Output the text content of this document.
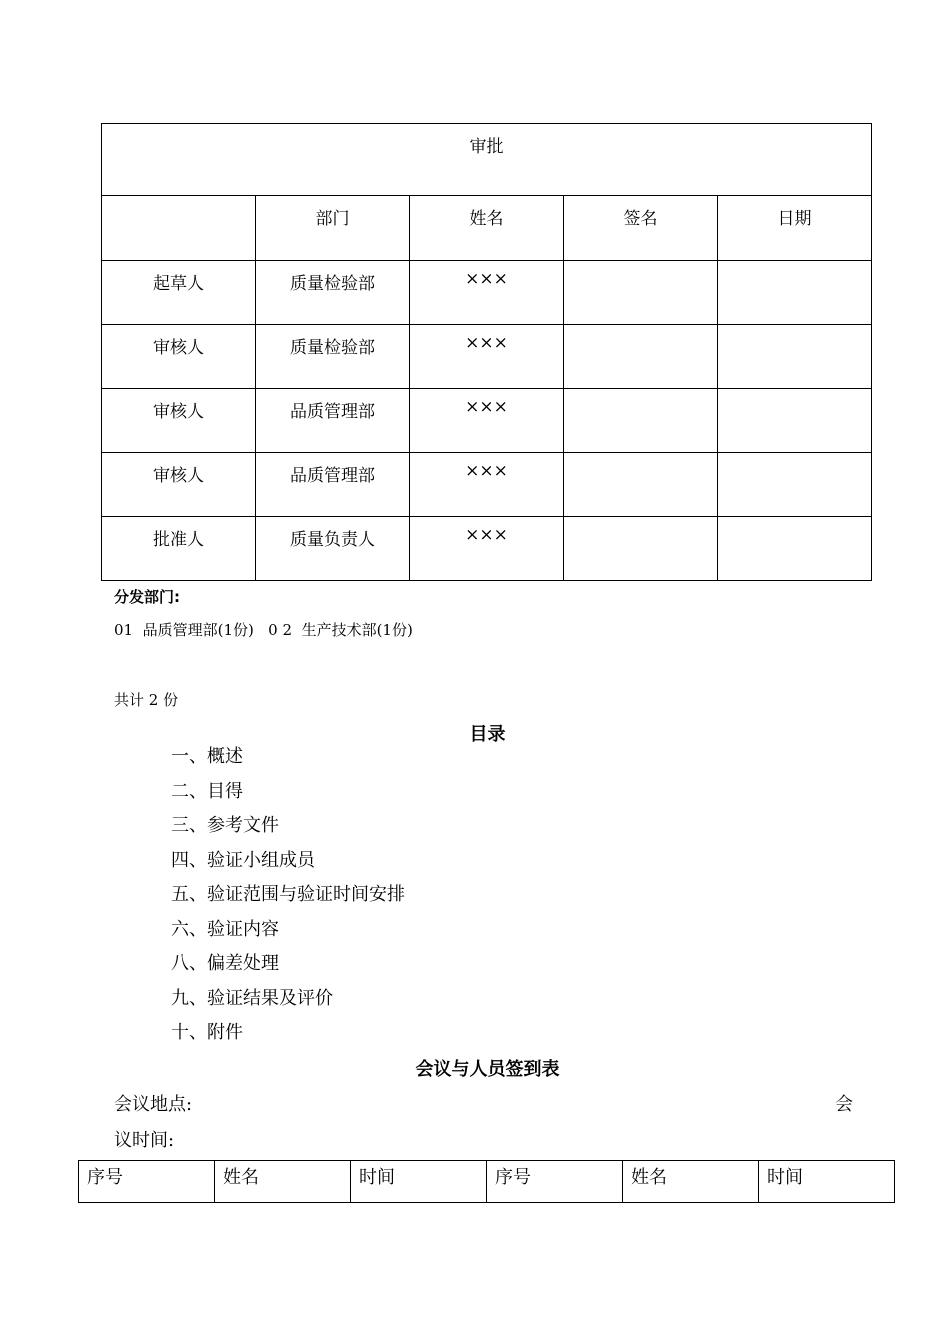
审批				
	部门	姓名	签名	日期
起草人	质量检验部	×××		
审核人	质量检验部	×××		
审核人	品质管理部	×××		
审核人	品质管理部	×××		
批准人	质量负责人	×××		
分发部门:
01  品质管理部(1份)   0 2  生产技术部(1份)
共计 2 份
目录
一、概述
二、目得
三、参考文件
四、验证小组成员
五、验证范围与验证时间安排
六、验证内容
八、偏差处理
九、验证结果及评价
十、附件
会议与人员签到表
会议地点:	会
议时间:
序号	姓名	时间	序号	姓名	时间
